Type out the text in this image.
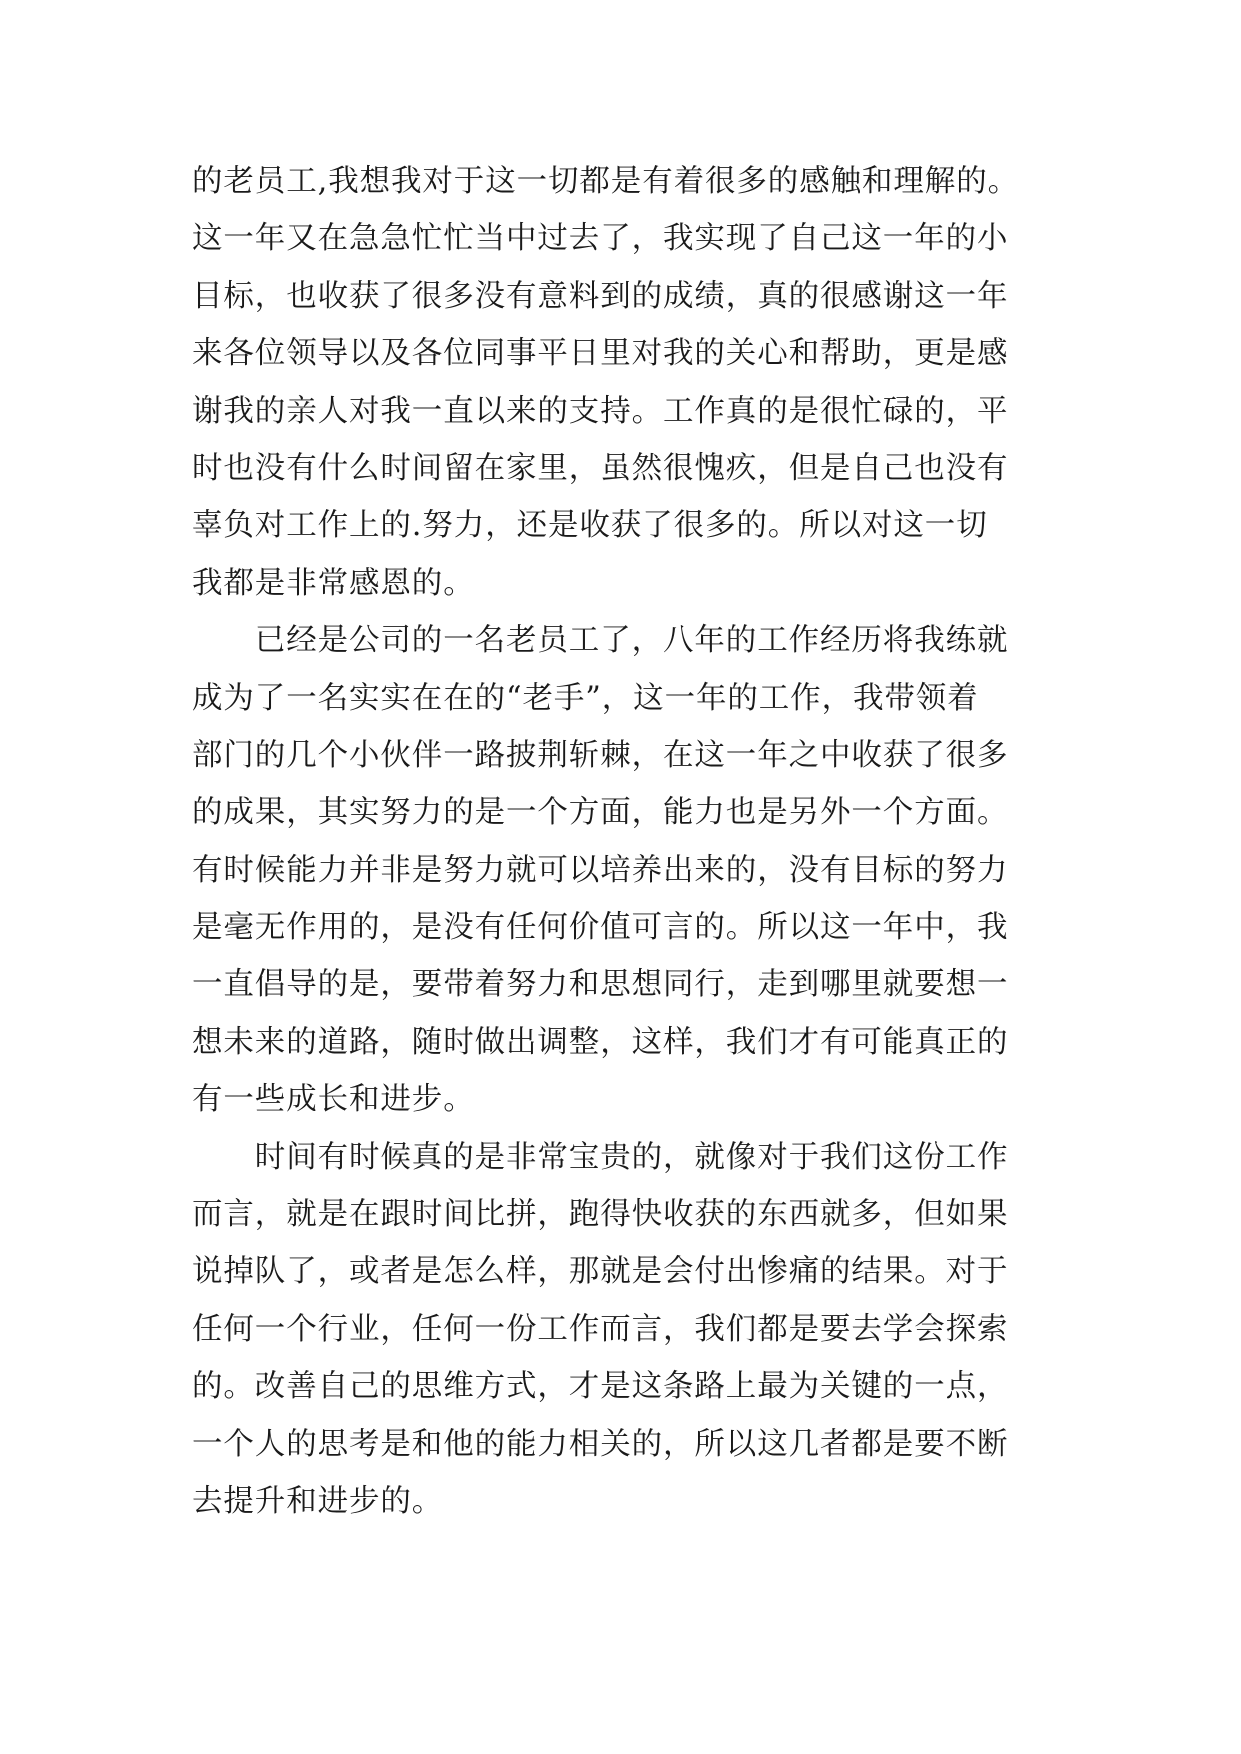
的老员工,我想我对于这一切都是有着很多的感触和理解的。
这一年又在急急忙忙当中过去了，我实现了自己这一年的小
目标，也收获了很多没有意料到的成绩，真的很感谢这一年
来各位领导以及各位同事平日里对我的关心和帮助，更是感
谢我的亲人对我一直以来的支持。工作真的是很忙碌的，平
时也没有什么时间留在家里，虽然很愧疚，但是自己也没有
辜负对工作上的.努力，还是收获了很多的。所以对这一切
我都是非常感恩的。
　　已经是公司的一名老员工了，八年的工作经历将我练就
成为了一名实实在在的“老手”，这一年的工作，我带领着
部门的几个小伙伴一路披荆斩棘，在这一年之中收获了很多
的成果，其实努力的是一个方面，能力也是另外一个方面。
有时候能力并非是努力就可以培养出来的，没有目标的努力
是毫无作用的，是没有任何价值可言的。所以这一年中，我
一直倡导的是，要带着努力和思想同行，走到哪里就要想一
想未来的道路，随时做出调整，这样，我们才有可能真正的
有一些成长和进步。
　　时间有时候真的是非常宝贵的，就像对于我们这份工作
而言，就是在跟时间比拼，跑得快收获的东西就多，但如果
说掉队了，或者是怎么样，那就是会付出惨痛的结果。对于
任何一个行业，任何一份工作而言，我们都是要去学会探索
的。改善自己的思维方式，才是这条路上最为关键的一点，
一个人的思考是和他的能力相关的，所以这几者都是要不断
去提升和进步的。
